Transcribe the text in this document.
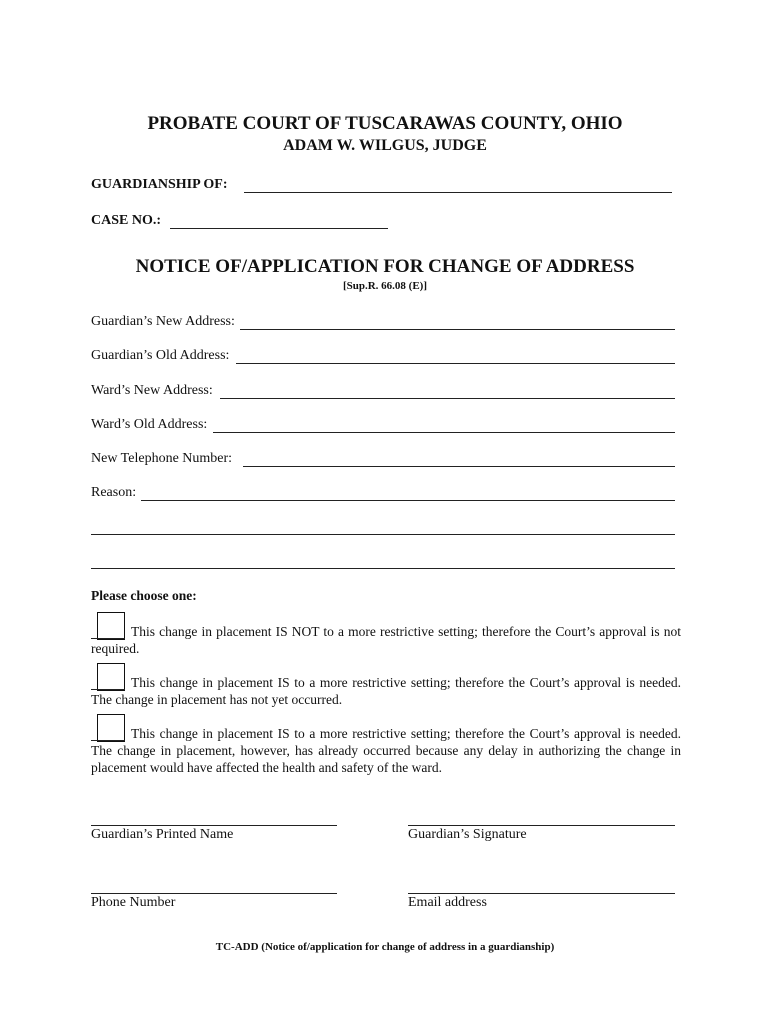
PROBATE COURT OF TUSCARAWAS COUNTY, OHIO
ADAM W. WILGUS, JUDGE
GUARDIANSHIP OF:
CASE NO.:
NOTICE OF/APPLICATION FOR CHANGE OF ADDRESS
[Sup.R. 66.08 (E)]
Guardian’s New Address:
Guardian’s Old Address:
Ward’s New Address:
Ward’s Old Address:
New Telephone Number:
Reason:
Please choose one:
This change in placement IS NOT to a more restrictive setting; therefore the Court’s approval is not required.
This change in placement IS to a more restrictive setting; therefore the Court’s approval is needed. The change in placement has not yet occurred.
This change in placement IS to a more restrictive setting; therefore the Court’s approval is needed. The change in placement, however, has already occurred because any delay in authorizing the change in placement would have affected the health and safety of the ward.
Guardian’s Printed Name	Guardian’s Signature
Phone Number	Email address
TC-ADD (Notice of/application for change of address in a guardianship)
